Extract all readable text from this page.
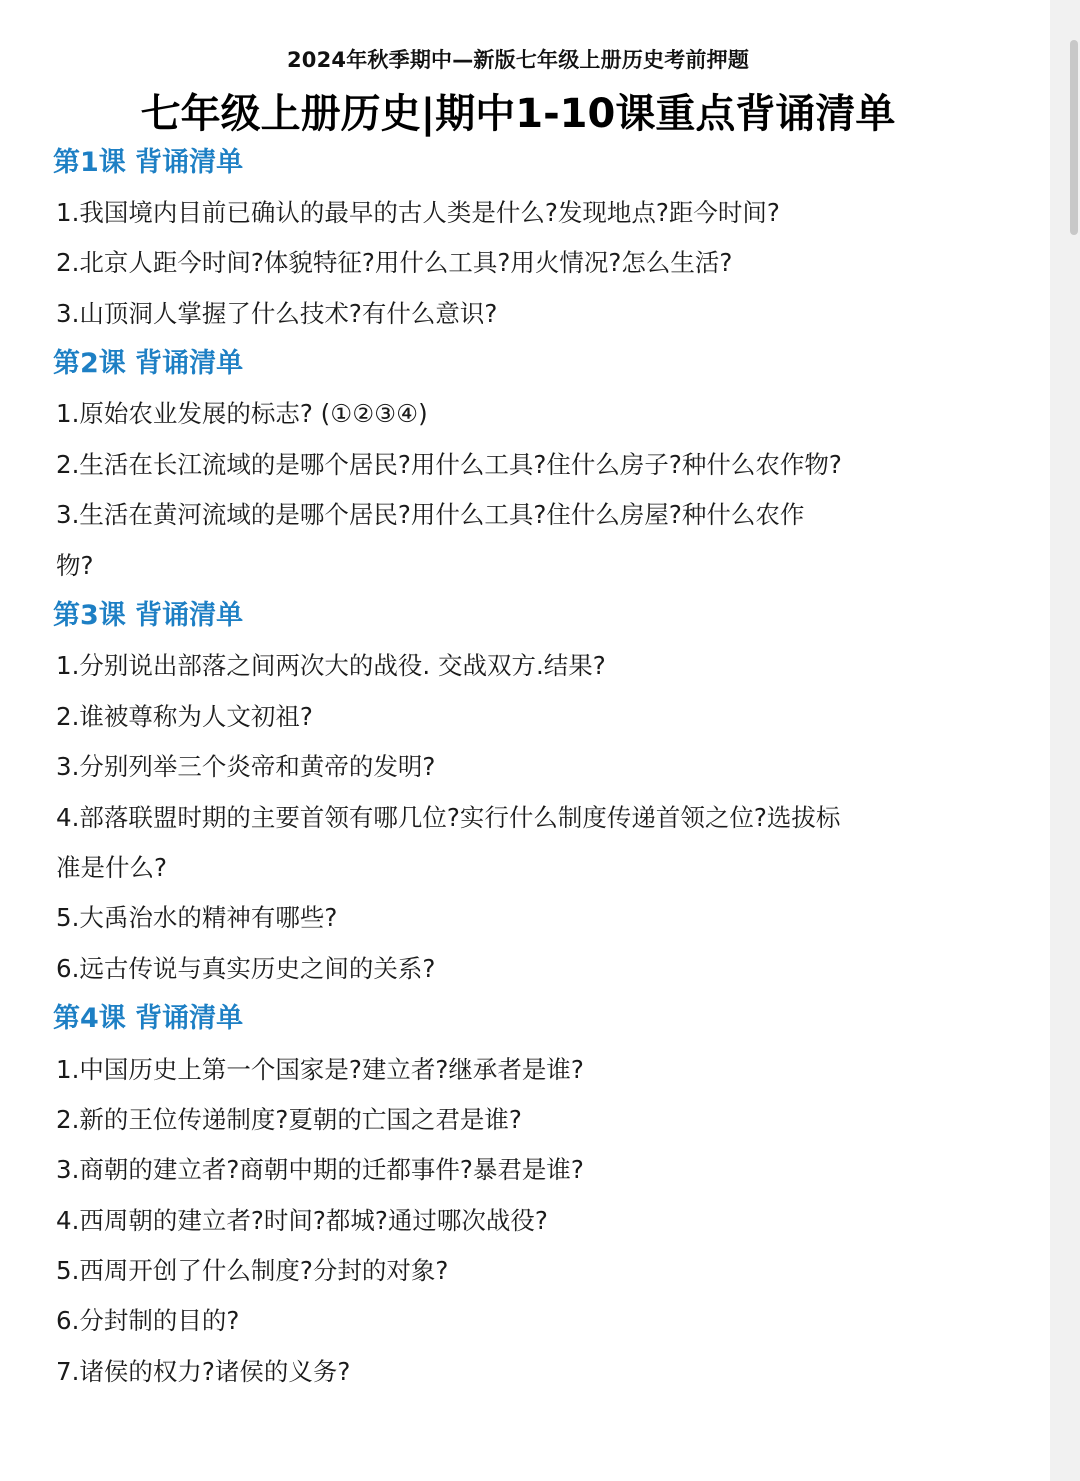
2024年秋季期中—新版七年级上册历史考前押题
七年级上册历史|期中1-10课重点背诵清单
第1课 背诵清单
1.我国境内目前已确认的最早的古人类是什么?发现地点?距今时间?
2.北京人距今时间?体貌特征?用什么工具?用火情况?怎么生活?
3.山顶洞人掌握了什么技术?有什么意识?
第2课 背诵清单
1.原始农业发展的标志? (①②③④)
2.生活在长江流域的是哪个居民?用什么工具?住什么房子?种什么农作物?
3.生活在黄河流域的是哪个居民?用什么工具?住什么房屋?种什么农作
物?
第3课 背诵清单
1.分别说出部落之间两次大的战役. 交战双方.结果?
2.谁被尊称为人文初祖?
3.分别列举三个炎帝和黄帝的发明?
4.部落联盟时期的主要首领有哪几位?实行什么制度传递首领之位?选拔标
准是什么?
5.大禹治水的精神有哪些?
6.远古传说与真实历史之间的关系?
第4课 背诵清单
1.中国历史上第一个国家是?建立者?继承者是谁?
2.新的王位传递制度?夏朝的亡国之君是谁?
3.商朝的建立者?商朝中期的迁都事件?暴君是谁?
4.西周朝的建立者?时间?都城?通过哪次战役?
5.西周开创了什么制度?分封的对象?
6.分封制的目的?
7.诸侯的权力?诸侯的义务?
